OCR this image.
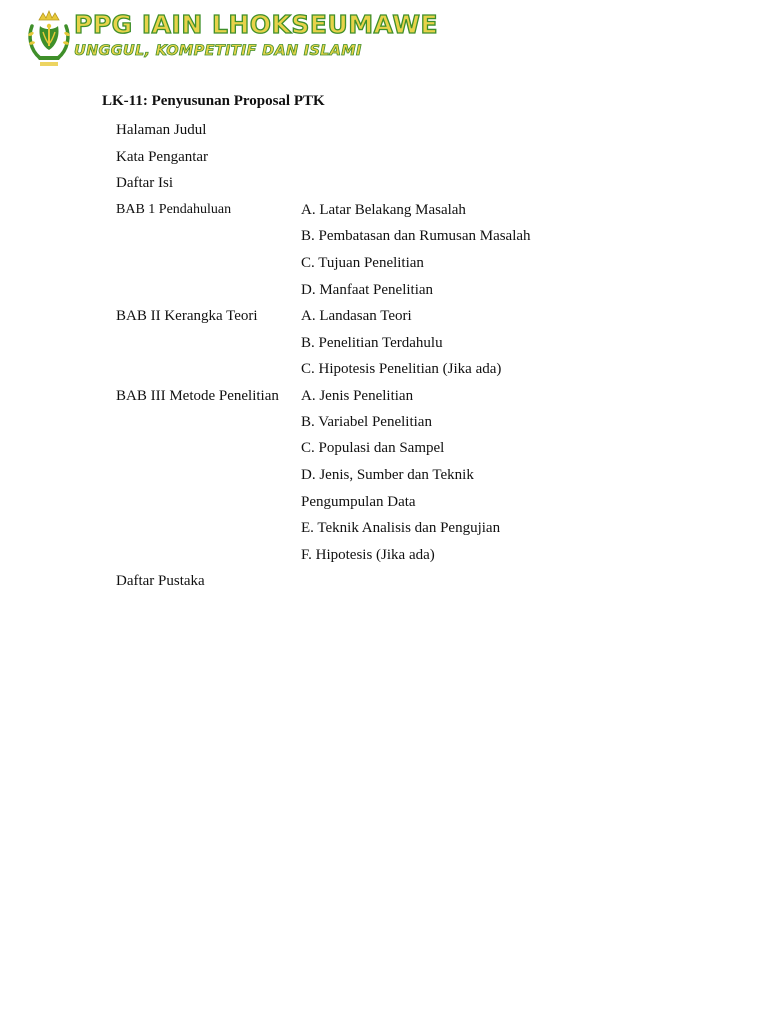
PPG IAIN LHOKSEUMAWE
UNGGUL, KOMPETITIF DAN ISLAMI
LK-11: Penyusunan Proposal PTK
Halaman Judul
Kata Pengantar
Daftar Isi
BAB 1 Pendahuluan	A. Latar Belakang Masalah
B. Pembatasan dan Rumusan Masalah
C. Tujuan Penelitian
D. Manfaat Penelitian
BAB II Kerangka Teori	A. Landasan Teori
B. Penelitian Terdahulu
C. Hipotesis Penelitian (Jika ada)
BAB III Metode Penelitian A. Jenis Penelitian
B. Variabel Penelitian
C. Populasi dan Sampel
D. Jenis, Sumber dan Teknik
Pengumpulan Data
E. Teknik Analisis dan Pengujian
F. Hipotesis (Jika ada)
Daftar Pustaka
